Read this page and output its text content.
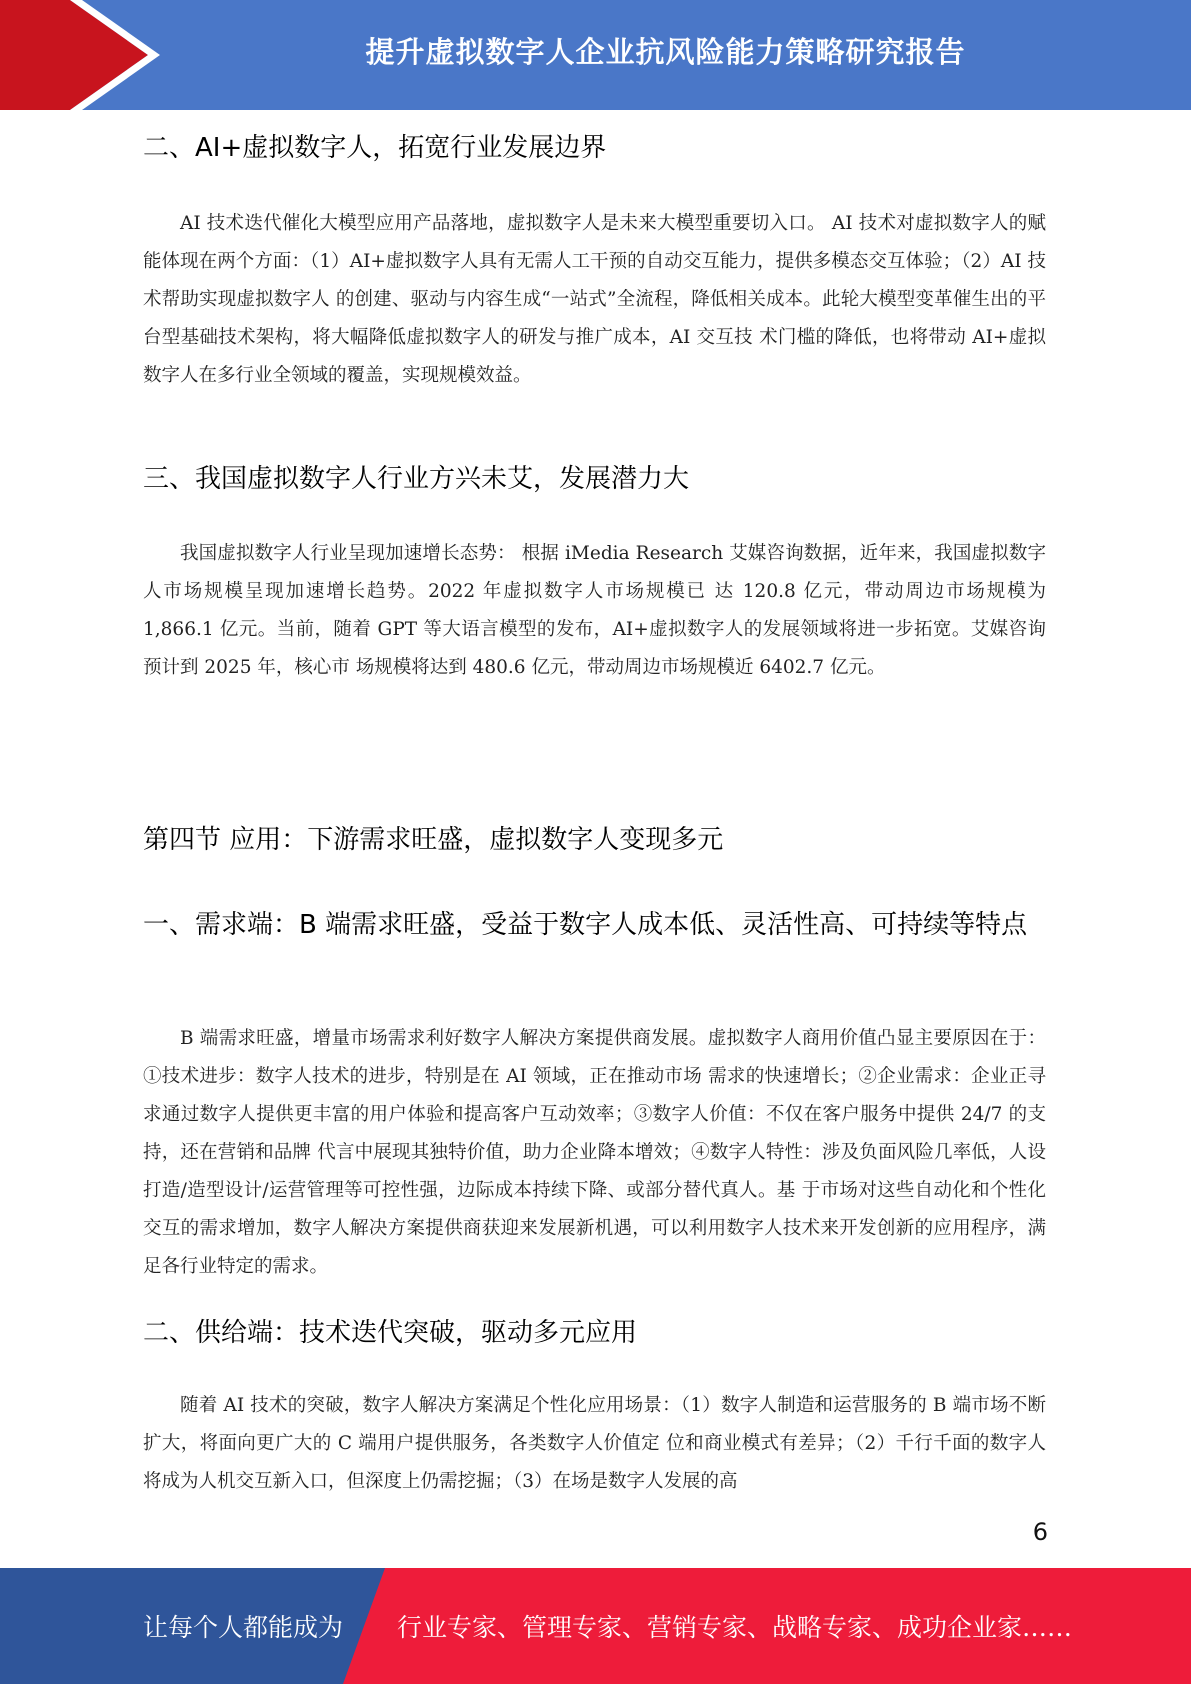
提升虚拟数字人企业抗风险能力策略研究报告
二、AI+虚拟数字人，拓宽行业发展边界

AI 技术迭代催化大模型应用产品落地，虚拟数字人是未来大模型重要切入口。 AI 技术对虚拟数字人的赋能体现在两个方面：（1）AI+虚拟数字人具有无需人工干预的自动交互能力，提供多模态交互体验；（2）AI 技术帮助实现虚拟数字人 的创建、驱动与内容生成“一站式”全流程，降低相关成本。此轮大模型变革催生出的平台型基础技术架构，将大幅降低虚拟数字人的研发与推广成本，AI 交互技 术门槛的降低，也将带动 AI+虚拟数字人在多行业全领域的覆盖，实现规模效益。

三、我国虚拟数字人行业方兴未艾，发展潜力大

我国虚拟数字人行业呈现加速增长态势： 根据 iMedia Research 艾媒咨询数据，近年来，我国虚拟数字人市场规模呈现加速增长趋势。2022 年虚拟数字人市场规模已 达 120.8 亿元，带动周边市场规模为 1,866.1 亿元。当前，随着 GPT 等大语言模型的发布，AI+虚拟数字人的发展领域将进一步拓宽。艾媒咨询预计到 2025 年，核心市 场规模将达到 480.6 亿元，带动周边市场规模近 6402.7 亿元。

第四节 应用：下游需求旺盛，虚拟数字人变现多元
一、需求端：B 端需求旺盛，受益于数字人成本低、灵活性高、可持续等特点

B 端需求旺盛，增量市场需求利好数字人解决方案提供商发展。虚拟数字人商用价值凸显主要原因在于：①技术进步：数字人技术的进步，特别是在 AI 领域，正在推动市场 需求的快速增长；②企业需求：企业正寻求通过数字人提供更丰富的用户体验和提高客户互动效率；③数字人价值：不仅在客户服务中提供 24/7 的支持，还在营销和品牌 代言中展现其独特价值，助力企业降本增效；④数字人特性：涉及负面风险几率低，人设打造/造型设计/运营管理等可控性强，边际成本持续下降、或部分替代真人。基 于市场对这些自动化和个性化交互的需求增加，数字人解决方案提供商获迎来发展新机遇，可以利用数字人技术来开发创新的应用程序，满足各行业特定的需求。

二、供给端：技术迭代突破，驱动多元应用

随着 AI 技术的突破，数字人解决方案满足个性化应用场景：（1）数字人制造和运营服务的 B 端市场不断扩大，将面向更广大的 C 端用户提供服务，各类数字人价值定 位和商业模式有差异；（2）千行千面的数字人将成为人机交互新入口，但深度上仍需挖掘；（3）在场是数字人发展的高

6
让每个人都能成为 行业专家、管理专家、营销专家、战略专家、成功企业家……
